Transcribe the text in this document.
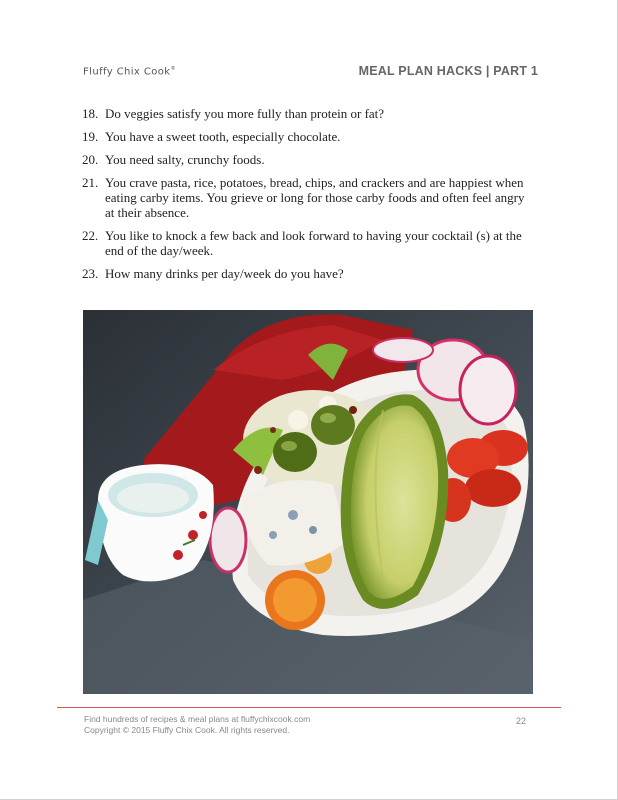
Fluffy Chix Cook®	MEAL PLAN HACKS | PART 1
18. Do veggies satisfy you more fully than protein or fat?
19. You have a sweet tooth, especially chocolate.
20. You need salty, crunchy foods.
21. You crave pasta, rice, potatoes, bread, chips, and crackers and are happiest when eating carby items. You grieve or long for those carby foods and often feel angry at their absence.
22. You like to knock a few back and look forward to having your cocktail (s) at the end of the day/week.
23. How many drinks per day/week do you have?
Find hundreds of recipes & meal plans at fluffychixcook.com
Copyright © 2015 Fluffy Chix Cook. All rights reserved.
22
